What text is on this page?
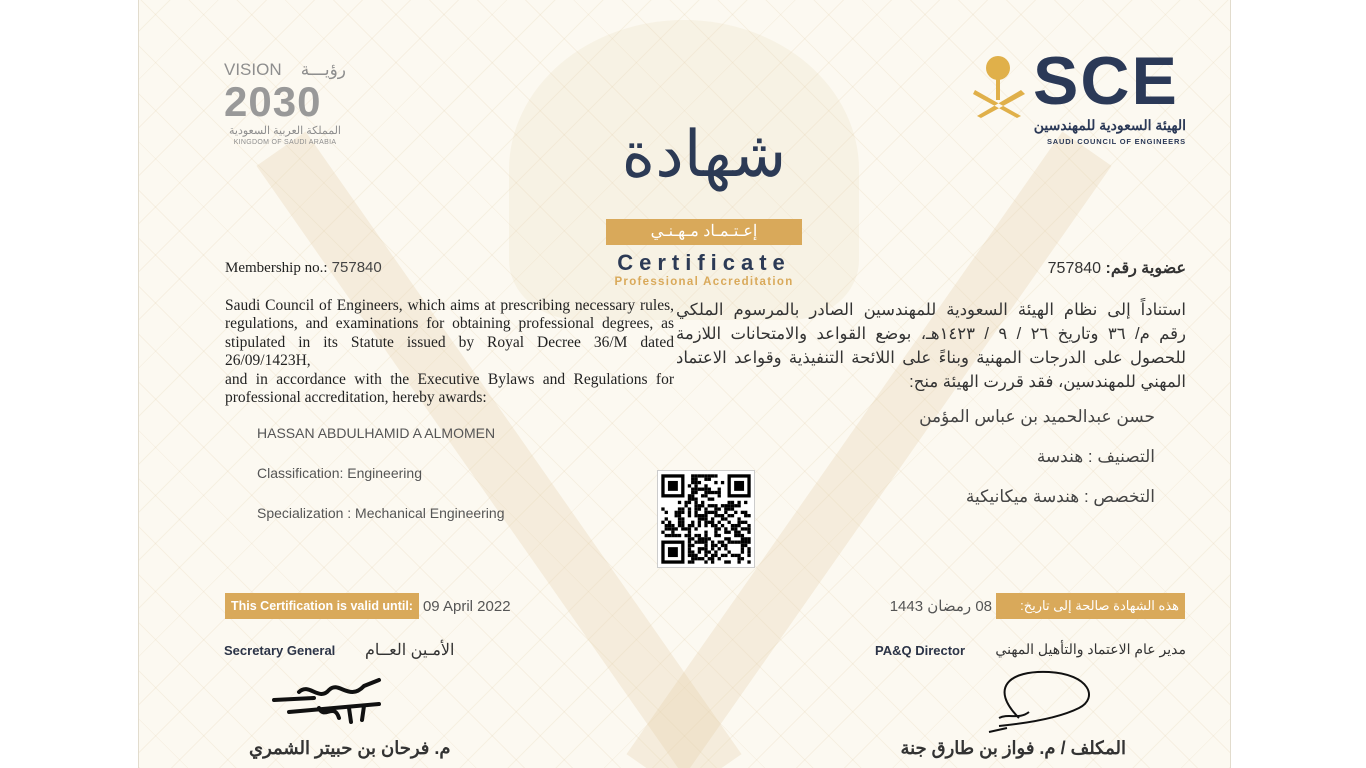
VISION رؤيـــة
2030
المملكة العربية السعودية
KINGDOM OF SAUDI ARABIA
SCE
الهيئة السعودية للمهندسين
SAUDI COUNCIL OF ENGINEERS
شهادة
إعـتـمـاد مـهـنـي
Certificate
Professional Accreditation
Membership no.: 757840	عضوية رقم: 757840
Saudi Council of Engineers, which aims at prescribing necessary rules,
regulations, and examinations for obtaining professional degrees, as
stipulated in its Statute issued by Royal Decree 36/M dated 26/09/1423H,
and in accordance with the Executive Bylaws and Regulations for
professional accreditation, hereby awards:
HASSAN ABDULHAMID A ALMOMEN
Classification: Engineering
Specialization : Mechanical Engineering
استناداً إلى نظام الهيئة السعودية للمهندسين الصادر بالمرسوم الملكي
رقم م/ ٣٦ وتاريخ ٢٦ / ٩ / ١٤٢٣هـ، بوضع القواعد والامتحانات اللازمة
للحصول على الدرجات المهنية وبناءً على اللائحة التنفيذية وقواعد الاعتماد
المهني للمهندسين، فقد قررت الهيئة منح:
حسن عبدالحميد بن عباس المؤمن
التصنيف : هندسة
التخصص : هندسة ميكانيكية
This Certification is valid until: 09 April 2022	هذه الشهادة صالحة إلى تاريخ:
08 رمضان 1443
Secretary General الأمـين العــام
م. فرحان بن حبيتر الشمري
PA&Q Director مدير عام الاعتماد والتأهيل المهني
المكلف / م. فواز بن طارق جنة
